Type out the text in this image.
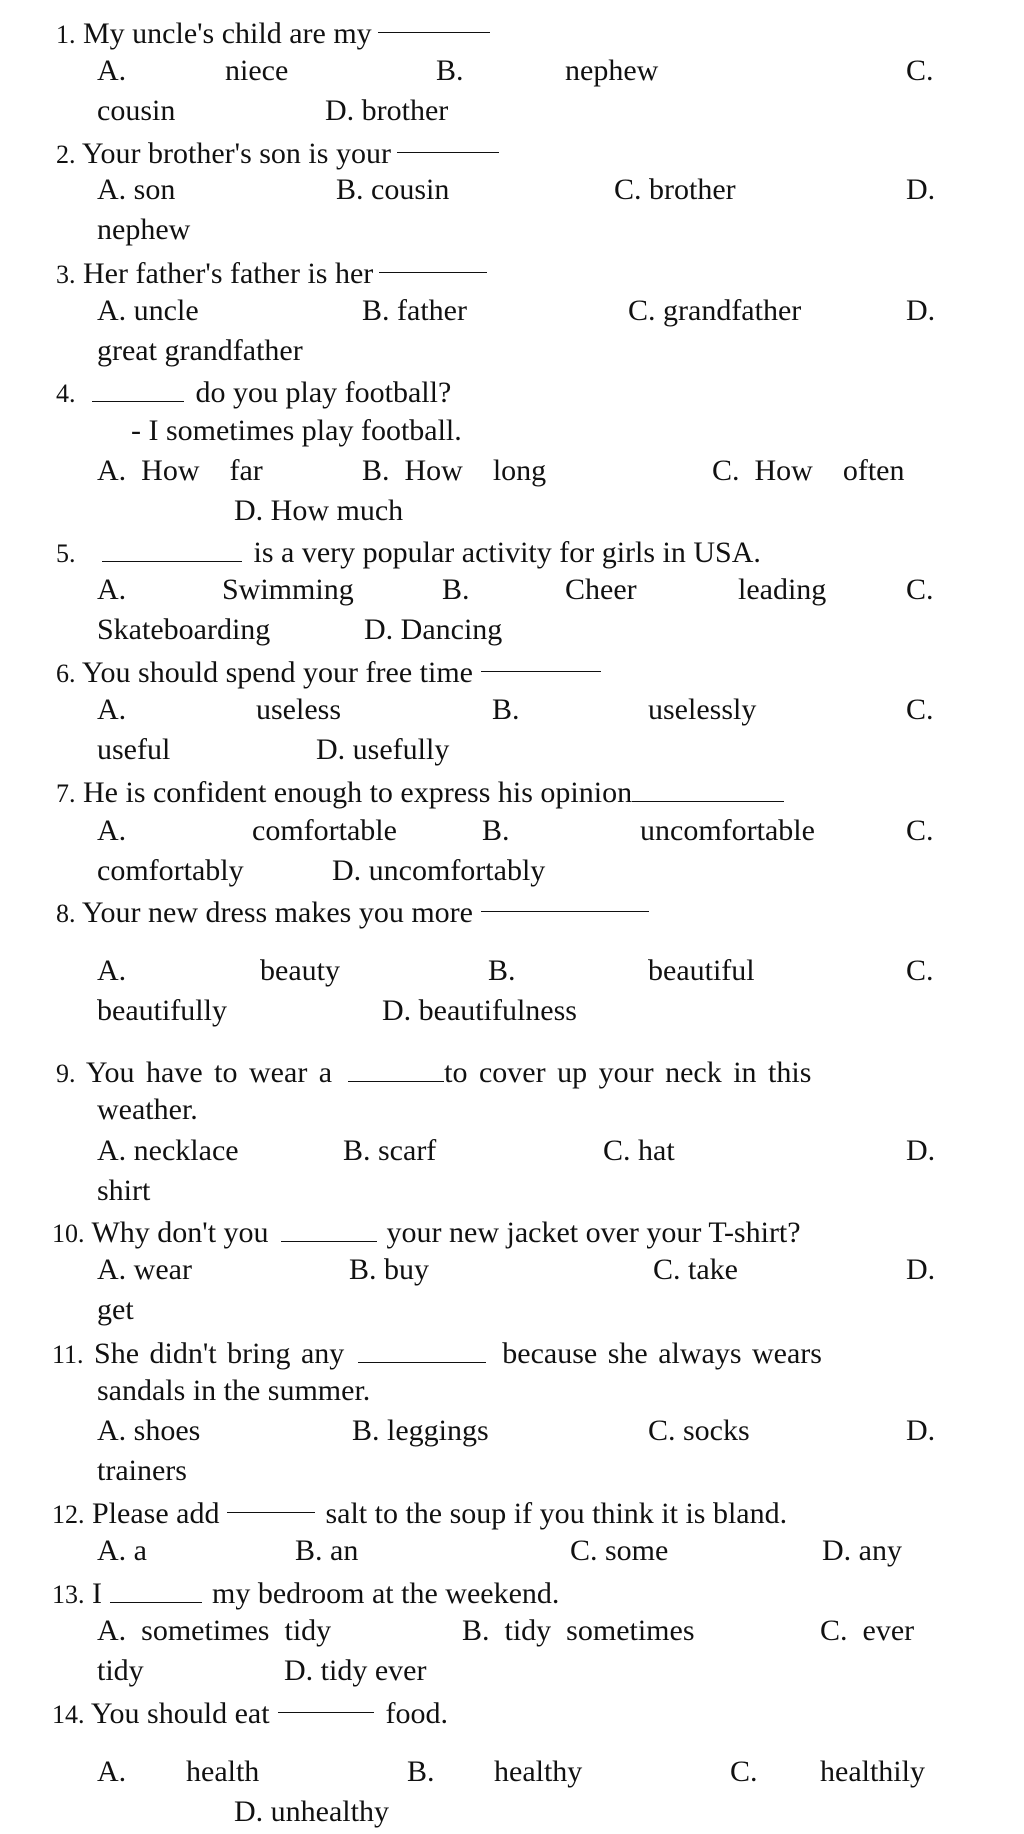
1. My uncle's child are my
A.	niece	B.	nephew	C.
cousin	D. brother
2. Your brother's son is your
A. son	B. cousin	C. brother	D.
nephew
3. Her father's father is her
A. uncle	B. father	C. grandfather	D.
great grandfather
4.	do you play football?
- I sometimes play football.
A.  How    far	B.  How    long	C.  How    often
D. How much
5.	is a very popular activity for girls in USA.
A.	Swimming	B.	Cheer	leading	C.
Skateboarding	D. Dancing
6. You should spend your free time
A.	useless	B.	uselessly	C.
useful	D. usefully
7. He is confident enough to express his opinion
A.	comfortable	B.	uncomfortable	C.
comfortably	D. uncomfortably
8. Your new dress makes you more
A.	beauty	B.	beautiful	C.
beautifully	D. beautifulness
9. You have to wear a	to cover up your neck in this
weather.
A. necklace	B. scarf	C. hat	D.
shirt
10. Why don't you	your new jacket over your T-shirt?
A. wear	B. buy	C. take	D.
get
11. She didn't bring any	because she always wears
sandals in the summer.
A. shoes	B. leggings	C. socks	D.
trainers
12. Please add	salt to the soup if you think it is bland.
A. a	B. an	C. some	D. any
13. I	my bedroom at the weekend.
A.  sometimes  tidy	B.  tidy  sometimes	C.  ever
tidy	D. tidy ever
14. You should eat	food.
A. health	B. healthy	C. healthily
D. unhealthy
